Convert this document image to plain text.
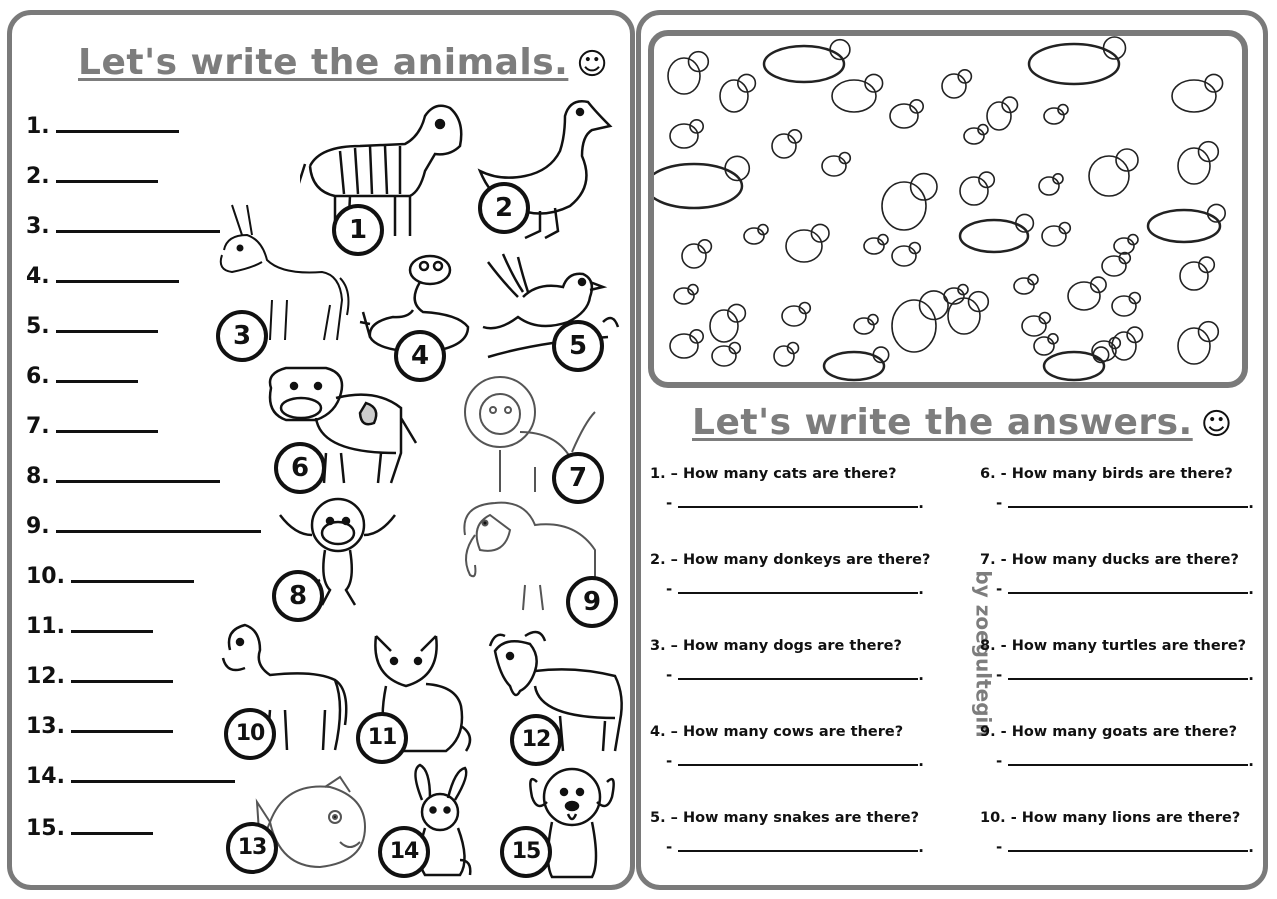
Let's write the animals. ☺
1.
2.
3.
4.
5.
6.
7.
8.
9.
10.
11.
12.
13.
14.
15.
1
2
3
4	5
6	7
8	9
10	11	12
13	14	15
Let's write the answers. ☺
by zoegultegin
1. – How many cats are there?
-	.
2. – How many donkeys are there?
-	.
3. – How many dogs are there?
-	.
4. – How many cows are there?
-	.
5. – How many snakes are there?
-	.
6. - How many birds are there?
-	.
7. - How many ducks are there?
-	.
8. - How many turtles are there?
-	.
9. - How many goats are there?
-	.
10. - How many lions are there?
-	.
